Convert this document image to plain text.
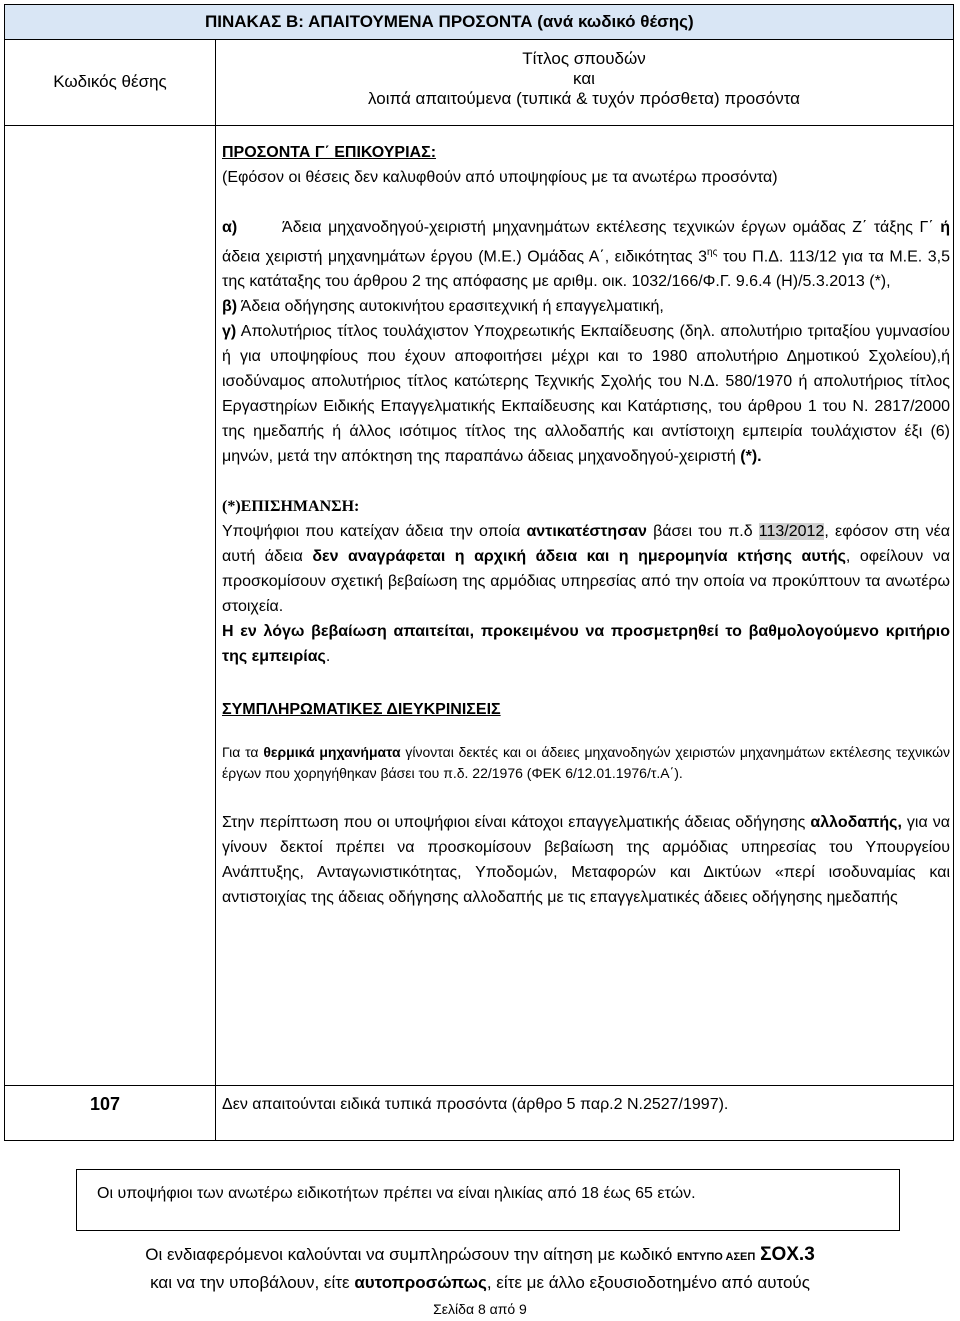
ΠΙΝΑΚΑΣ Β: ΑΠΑΙΤΟΥΜΕΝΑ ΠΡΟΣΟΝΤΑ (ανά κωδικό θέσης)
Κωδικός θέσης
Τίτλος σπουδών
και
λοιπά απαιτούμενα (τυπικά & τυχόν πρόσθετα) προσόντα

ΠΡΟΣΟΝΤΑ Γ΄ ΕΠΙΚΟΥΡΙΑΣ:

(Εφόσον οι θέσεις δεν καλυφθούν από υποψηφίους με τα ανωτέρω προσόντα)

α)	Άδεια μηχανοδηγού-χειριστή μηχανημάτων εκτέλεσης τεχνικών έργων ομάδας Ζ΄ τάξης Γ΄ ή άδεια χειριστή μηχανημάτων έργου (Μ.Ε.) Ομάδας Α΄, ειδικότητας $3^{\eta\varsigma}$ του Π.Δ. 113/12 για τα Μ.Ε. 3,5 της κατάταξης του άρθρου 2 της απόφασης με αριθμ. οικ. 1032/166/Φ.Γ. 9.6.4 (Η)/5.3.2013 (*),

β) Άδεια οδήγησης αυτοκινήτου ερασιτεχνική ή επαγγελματική,

γ) Απολυτήριος τίτλος τουλάχιστον Υποχρεωτικής Εκπαίδευσης (δηλ. απολυτήριο τριταξίου γυμνασίου ή για υποψηφίους που έχουν αποφοιτήσει μέχρι και το 1980 απολυτήριο Δημοτικού Σχολείου),ή ισοδύναμος απολυτήριος τίτλος κατώτερης Τεχνικής Σχολής του Ν.Δ. 580/1970 ή απολυτήριος τίτλος Εργαστηρίων Ειδικής Επαγγελματικής Εκπαίδευσης και Κατάρτισης, του άρθρου 1 του Ν. 2817/2000 της ημεδαπής ή άλλος ισότιμος τίτλος της αλλοδαπής και αντίστοιχη εμπειρία τουλάχιστον έξι (6) μηνών, μετά την απόκτηση της παραπάνω άδειας μηχανοδηγού-χειριστή (*).

(*)ΕΠΙΣΗΜΑΝΣΗ:

Υποψήφιοι που κατείχαν άδεια την οποία αντικατέστησαν βάσει του π.δ 113/2012, εφόσον στη νέα αυτή άδεια δεν αναγράφεται η αρχική άδεια και η ημερομηνία κτήσης αυτής, οφείλουν να προσκομίσουν σχετική βεβαίωση της αρμόδιας υπηρεσίας από την οποία να προκύπτουν τα ανωτέρω στοιχεία.

Η εν λόγω βεβαίωση απαιτείται, προκειμένου να προσμετρηθεί το βαθμολογούμενο κριτήριο της εμπειρίας.

ΣΥΜΠΛΗΡΩΜΑΤΙΚΕΣ ΔΙΕΥΚΡΙΝΙΣΕΙΣ

Για τα θερμικά μηχανήματα γίνονται δεκτές και οι άδειες μηχανοδηγών χειριστών μηχανημάτων εκτέλεσης τεχνικών έργων που χορηγήθηκαν βάσει του π.δ. 22/1976 (ΦΕΚ 6/12.01.1976/τ.Α΄).

Στην περίπτωση που οι υποψήφιοι είναι κάτοχοι επαγγελματικής άδειας οδήγησης αλλοδαπής, για να γίνουν δεκτοί πρέπει να προσκομίσουν βεβαίωση της αρμόδιας υπηρεσίας του Υπουργείου Ανάπτυξης, Ανταγωνιστικότητας, Υποδομών, Μεταφορών και Δικτύων «περί ισοδυναμίας και αντιστοιχίας της άδειας οδήγησης αλλοδαπής με τις επαγγελματικές άδειες οδήγησης ημεδαπής

107	Δεν απαιτούνται ειδικά τυπικά προσόντα (άρθρο 5 παρ.2 Ν.2527/1997).
Οι υποψήφιοι των ανωτέρω ειδικοτήτων πρέπει να είναι ηλικίας από 18 έως 65 ετών.
Οι ενδιαφερόμενοι καλούνται να συμπληρώσουν την αίτηση με κωδικό ΕΝΤΥΠΟ ΑΣΕΠ ΣΟΧ.3
και να την υποβάλουν, είτε αυτοπροσώπως, είτε με άλλο εξουσιοδοτημένο από αυτούς
Σελίδα 8 από 9
